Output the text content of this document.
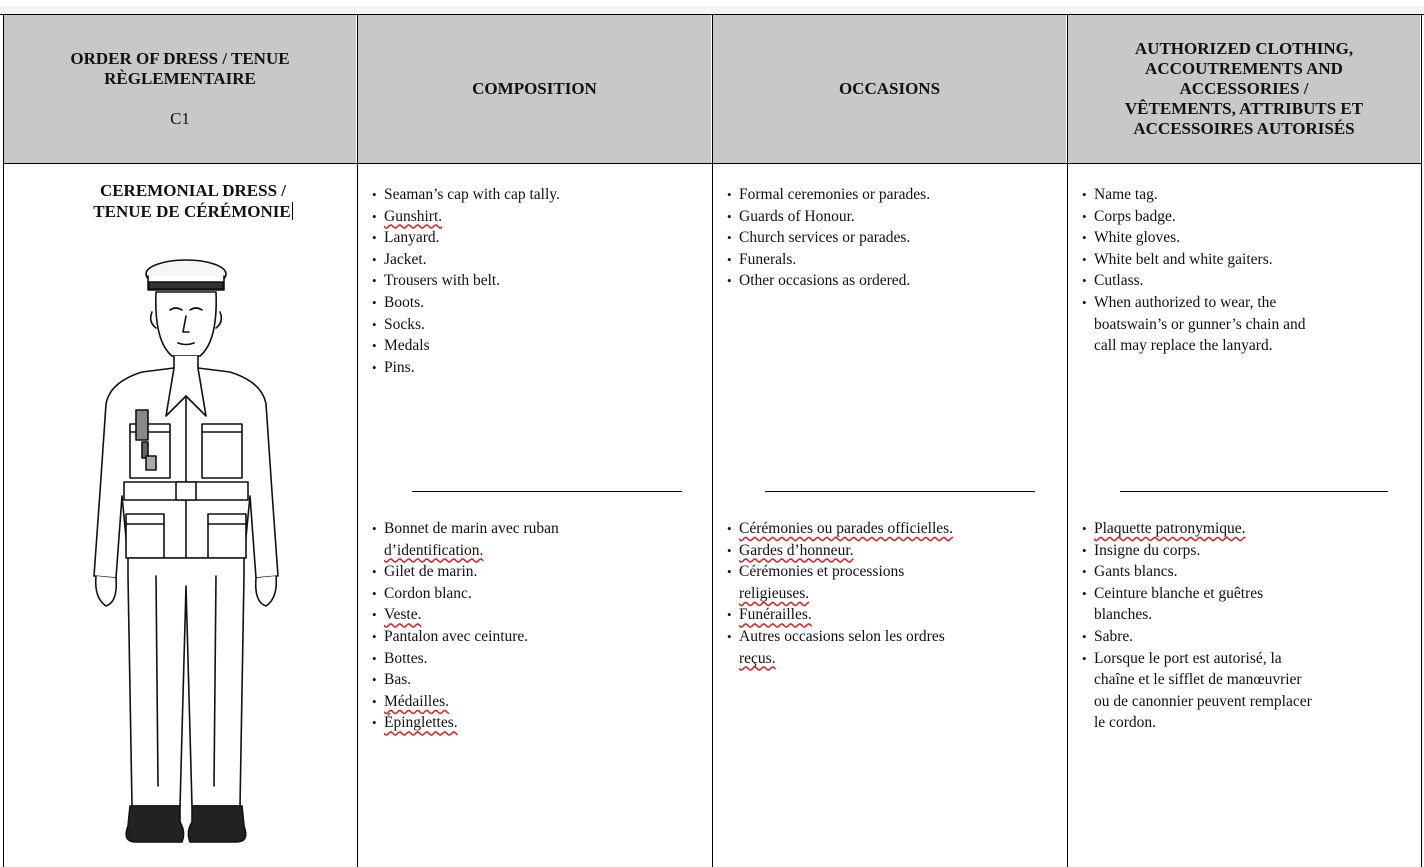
ORDER OF DRESS / TENUE
RÈGLEMENTAIRE
C1
COMPOSITION	OCCASIONS
AUTHORIZED CLOTHING,
ACCOUTREMENTS AND
ACCESSORIES /
VÊTEMENTS, ATTRIBUTS ET
ACCESSOIRES AUTORISÉS
CEREMONIAL DRESS /
TENUE DE CÉRÉMONIE
• Seaman’s cap with cap tally.
• Gunshirt.
• Lanyard.
• Jacket.
• Trousers with belt.
• Boots.
• Socks.
• Medals
• Pins.
• Bonnet de marin avec ruban
d’identification.
• Gilet de marin.
• Cordon blanc.
• Veste.
• Pantalon avec ceinture.
• Bottes.
• Bas.
• Médailles.
• Épinglettes.
• Formal ceremonies or parades.
• Guards of Honour.
• Church services or parades.
• Funerals.
• Other occasions as ordered.
• Cérémonies ou parades officielles.
• Gardes d’honneur.
• Cérémonies et processions
religieuses.
• Funérailles.
• Autres occasions selon les ordres
reçus.
• Name tag.
• Corps badge.
• White gloves.
• White belt and white gaiters.
• Cutlass.
• When authorized to wear, the
boatswain’s or gunner’s chain and
call may replace the lanyard.
• Plaquette patronymique.
• Insigne du corps.
• Gants blancs.
• Ceinture blanche et guêtres
blanches.
• Sabre.
• Lorsque le port est autorisé, la
chaîne et le sifflet de manœuvrier
ou de canonnier peuvent remplacer
le cordon.
